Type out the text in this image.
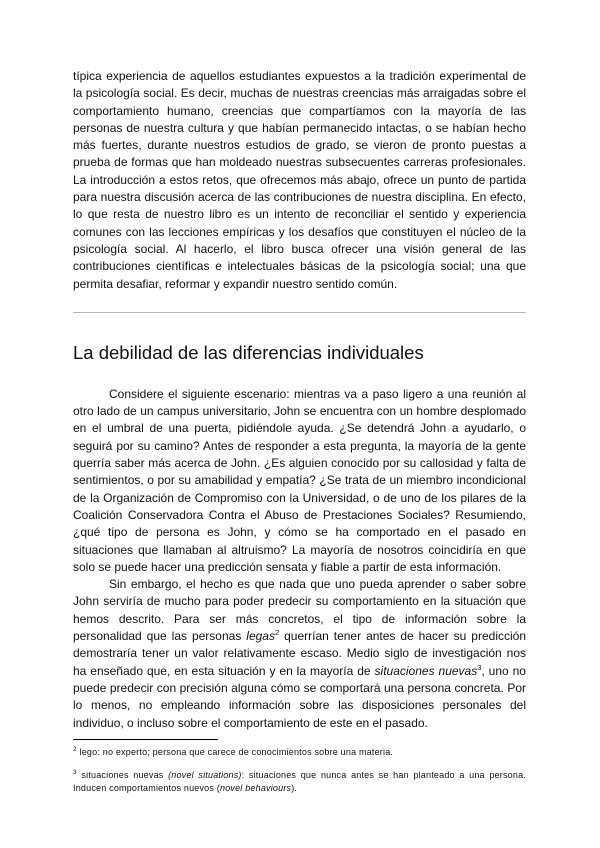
típica experiencia de aquellos estudiantes expuestos a la tradición experimental de la psicología social. Es decir, muchas de nuestras creencias más arraigadas sobre el comportamiento humano, creencias que compartíamos con la mayoría de las personas de nuestra cultura y que habían permanecido intactas, o se habían hecho más fuertes, durante nuestros estudios de grado, se vieron de pronto puestas a prueba de formas que han moldeado nuestras subsecuentes carreras profesionales. La introducción a estos retos, que ofrecemos más abajo, ofrece un punto de partida para nuestra discusión acerca de las contribuciones de nuestra disciplina. En efecto, lo que resta de nuestro libro es un intento de reconciliar el sentido y experiencia comunes con las lecciones empíricas y los desafíos que constituyen el núcleo de la psicología social. Al hacerlo, el libro busca ofrecer una visión general de las contribuciones científicas e intelectuales básicas de la psicología social; una que permita desafiar, reformar y expandir nuestro sentido común.

La debilidad de las diferencias individuales

Considere el siguiente escenario: mientras va a paso ligero a una reunión al otro lado de un campus universitario, John se encuentra con un hombre desplomado en el umbral de una puerta, pidiéndole ayuda. ¿Se detendrá John a ayudarlo, o seguirá por su camino? Antes de responder a esta pregunta, la mayoría de la gente querría saber más acerca de John. ¿Es alguien conocido por su callosidad y falta de sentimientos, o por su amabilidad y empatía? ¿Se trata de un miembro incondicional de la Organización de Compromiso con la Universidad, o de uno de los pilares de la Coalición Conservadora Contra el Abuso de Prestaciones Sociales? Resumiendo, ¿qué tipo de persona es John, y cómo se ha comportado en el pasado en situaciones que llamaban al altruismo? La mayoría de nosotros coincidiría en que solo se puede hacer una predicción sensata y fiable a partir de esta información.

Sin embargo, el hecho es que nada que uno pueda aprender o saber sobre John serviría de mucho para poder predecir su comportamiento en la situación que hemos descrito. Para ser más concretos, el tipo de información sobre la personalidad que las personas legas$^2$ querrían tener antes de hacer su predicción demostraría tener un valor relativamente escaso. Medio siglo de investigación nos ha enseñado que, en esta situación y en la mayoría de situaciones nuevas$^3$, uno no puede predecir con precisión alguna cómo se comportará una persona concreta. Por lo menos, no empleando información sobre las disposiciones personales del individuo, o incluso sobre el comportamiento de este en el pasado.

$^2$ lego: no experto; persona que carece de conocimientos sobre una materia.

$^3$ situaciones nuevas (novel situations): situaciones que nunca antes se han planteado a una persona. Inducen comportamientos nuevos (novel behaviours).
